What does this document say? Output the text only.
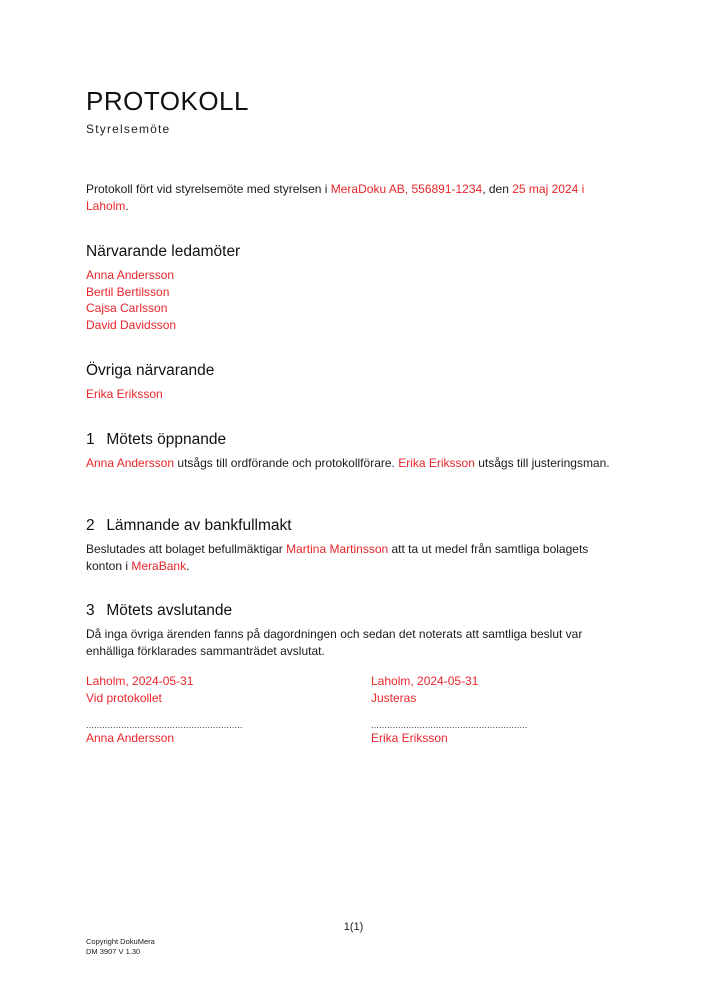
PROTOKOLL
Styrelsemöte
Protokoll fört vid styrelsemöte med styrelsen i MeraDoku AB, 556891-1234, den 25 maj 2024 i Laholm.
Närvarande ledamöter
Anna Andersson
Bertil Bertilsson
Cajsa Carlsson
David Davidsson
Övriga närvarande
Erika Eriksson
1 Mötets öppnande
Anna Andersson utsågs till ordförande och protokollförare. Erika Eriksson utsågs till justeringsman.
2 Lämnande av bankfullmakt
Beslutades att bolaget befullmäktigar Martina Martinsson att ta ut medel från samtliga bolagets konton i MeraBank.
3 Mötets avslutande
Då inga övriga ärenden fanns på dagordningen och sedan det noterats att samtliga beslut var enhälliga förklarades sammanträdet avslutat.
Laholm, 2024-05-31
Vid protokollet
..........................................................
Anna Andersson
Laholm, 2024-05-31
Justeras
..........................................................
Erika Eriksson
1(1)
Copyright DokuMera
DM 3907 V 1.30
